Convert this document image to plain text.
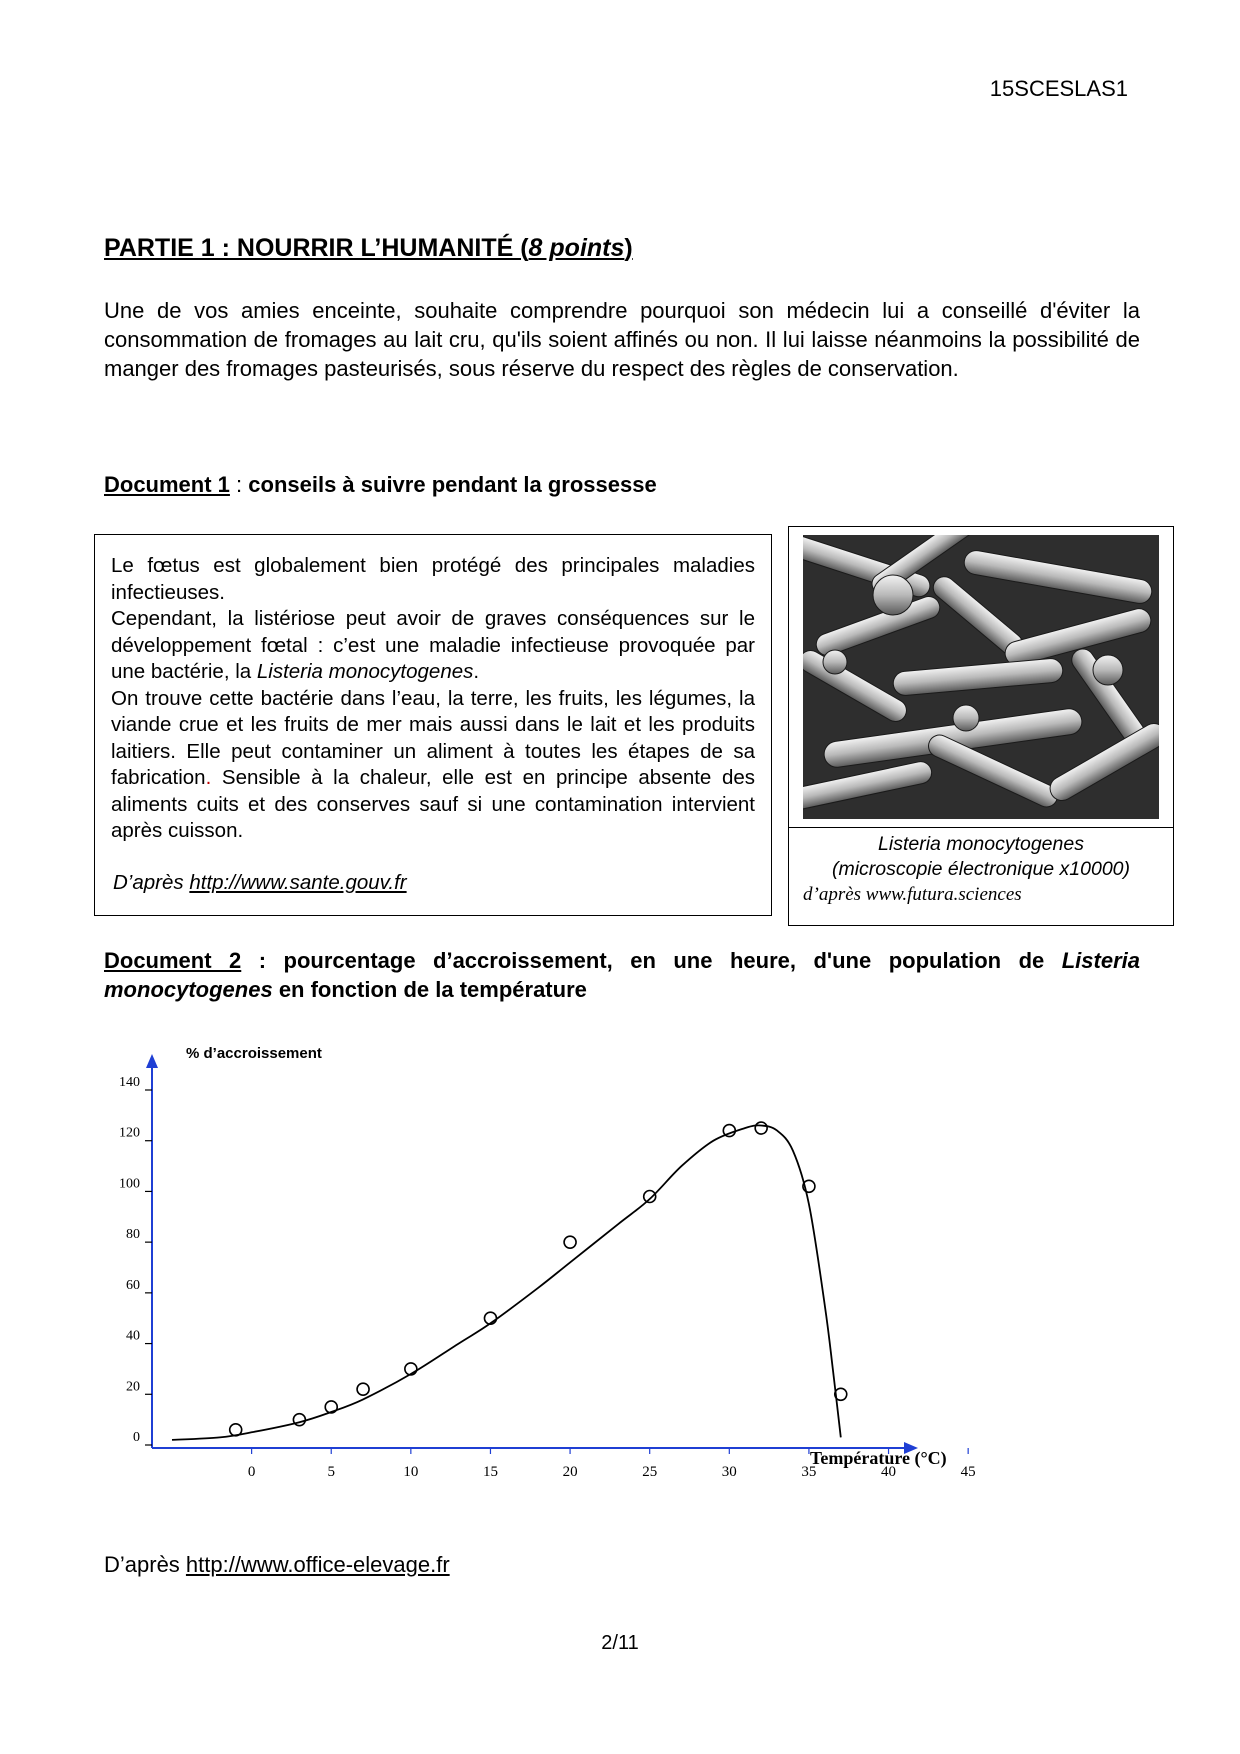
15SCESLAS1
PARTIE 1 : NOURRIR L’HUMANITÉ (8 points)
Une de vos amies enceinte, souhaite comprendre pourquoi son médecin lui a conseillé d'éviter la consommation de fromages au lait cru, qu'ils soient affinés ou non. Il lui laisse néanmoins la possibilité de manger des fromages pasteurisés, sous réserve du respect des règles de conservation.
Document 1 : conseils à suivre pendant la grossesse
Le fœtus est globalement bien protégé des principales maladies infectieuses.
Cependant, la listériose peut avoir de graves conséquences sur le développement fœtal : c’est une maladie infectieuse provoquée par une bactérie, la Listeria monocytogenes.
On trouve cette bactérie dans l’eau, la terre, les fruits, les légumes, la viande crue et les fruits de mer mais aussi dans le lait et les produits laitiers. Elle peut contaminer un aliment à toutes les étapes de sa fabrication. Sensible à la chaleur, elle est en principe absente des aliments cuits et des conserves sauf si une contamination intervient après cuisson.
D’après http://www.sante.gouv.fr
Listeria monocytogenes
(microscopie électronique x10000)
d’après www.futura.sciences
Document 2 : pourcentage d’accroissement, en une heure, d'une population de Listeria monocytogenes en fonction de la température
0
20
40
60
80
100
120
140
0	5	10	15	20	25	30	35	40	45
% d’accroissement
Température (°C)
D’après http://www.office-elevage.fr
2/11
